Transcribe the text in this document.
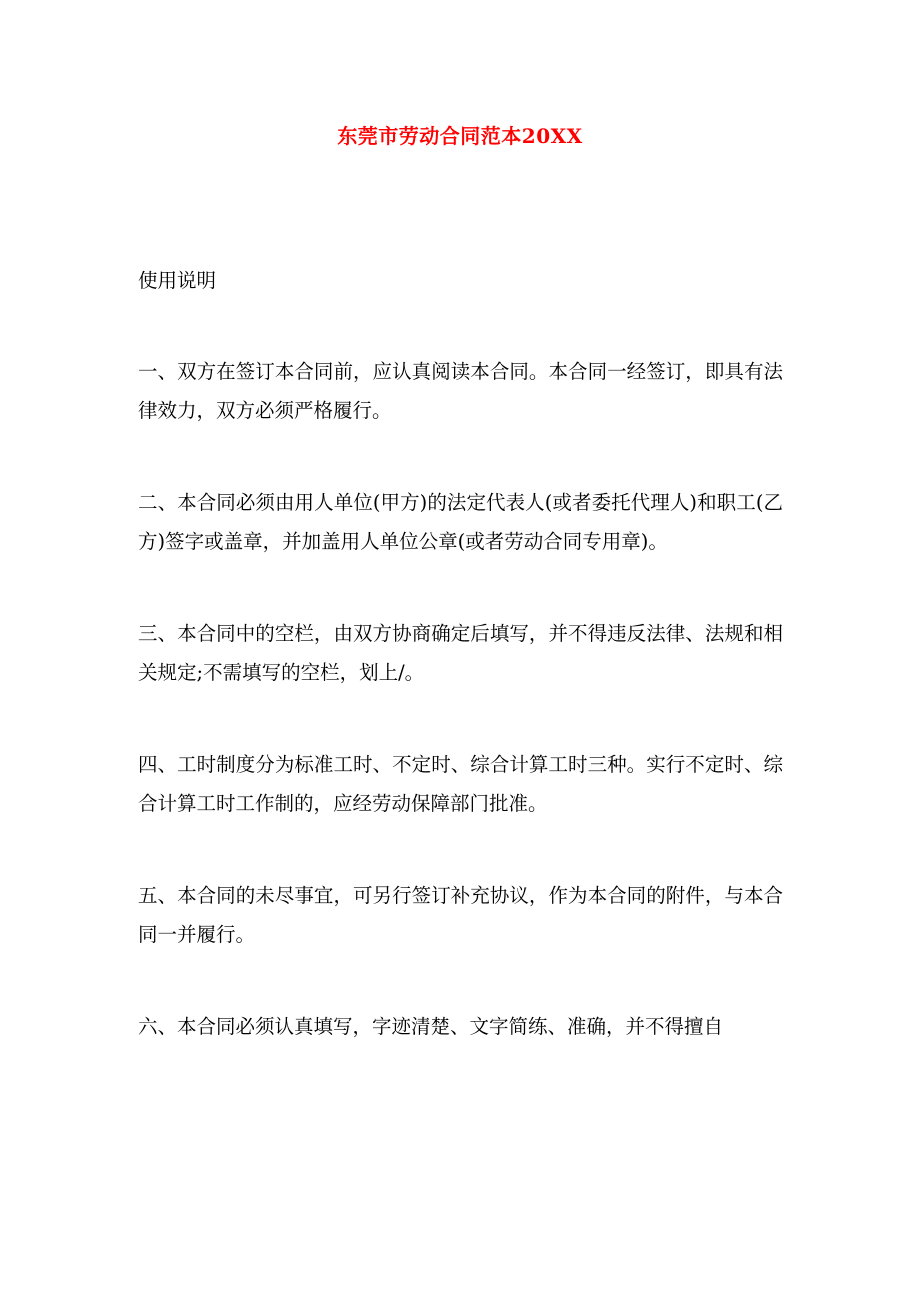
东莞市劳动合同范本20XX

使用说明

一、双方在签订本合同前，应认真阅读本合同。本合同一经签订，即具有法律效力，双方必须严格履行。

二、本合同必须由用人单位(甲方)的法定代表人(或者委托代理人)和职工(乙方)签字或盖章，并加盖用人单位公章(或者劳动合同专用章)。

三、本合同中的空栏，由双方协商确定后填写，并不得违反法律、法规和相关规定;不需填写的空栏，划上/。

四、工时制度分为标准工时、不定时、综合计算工时三种。实行不定时、综合计算工时工作制的，应经劳动保障部门批准。

五、本合同的未尽事宜，可另行签订补充协议，作为本合同的附件，与本合同一并履行。

六、本合同必须认真填写，字迹清楚、文字简练、准确，并不得擅自
